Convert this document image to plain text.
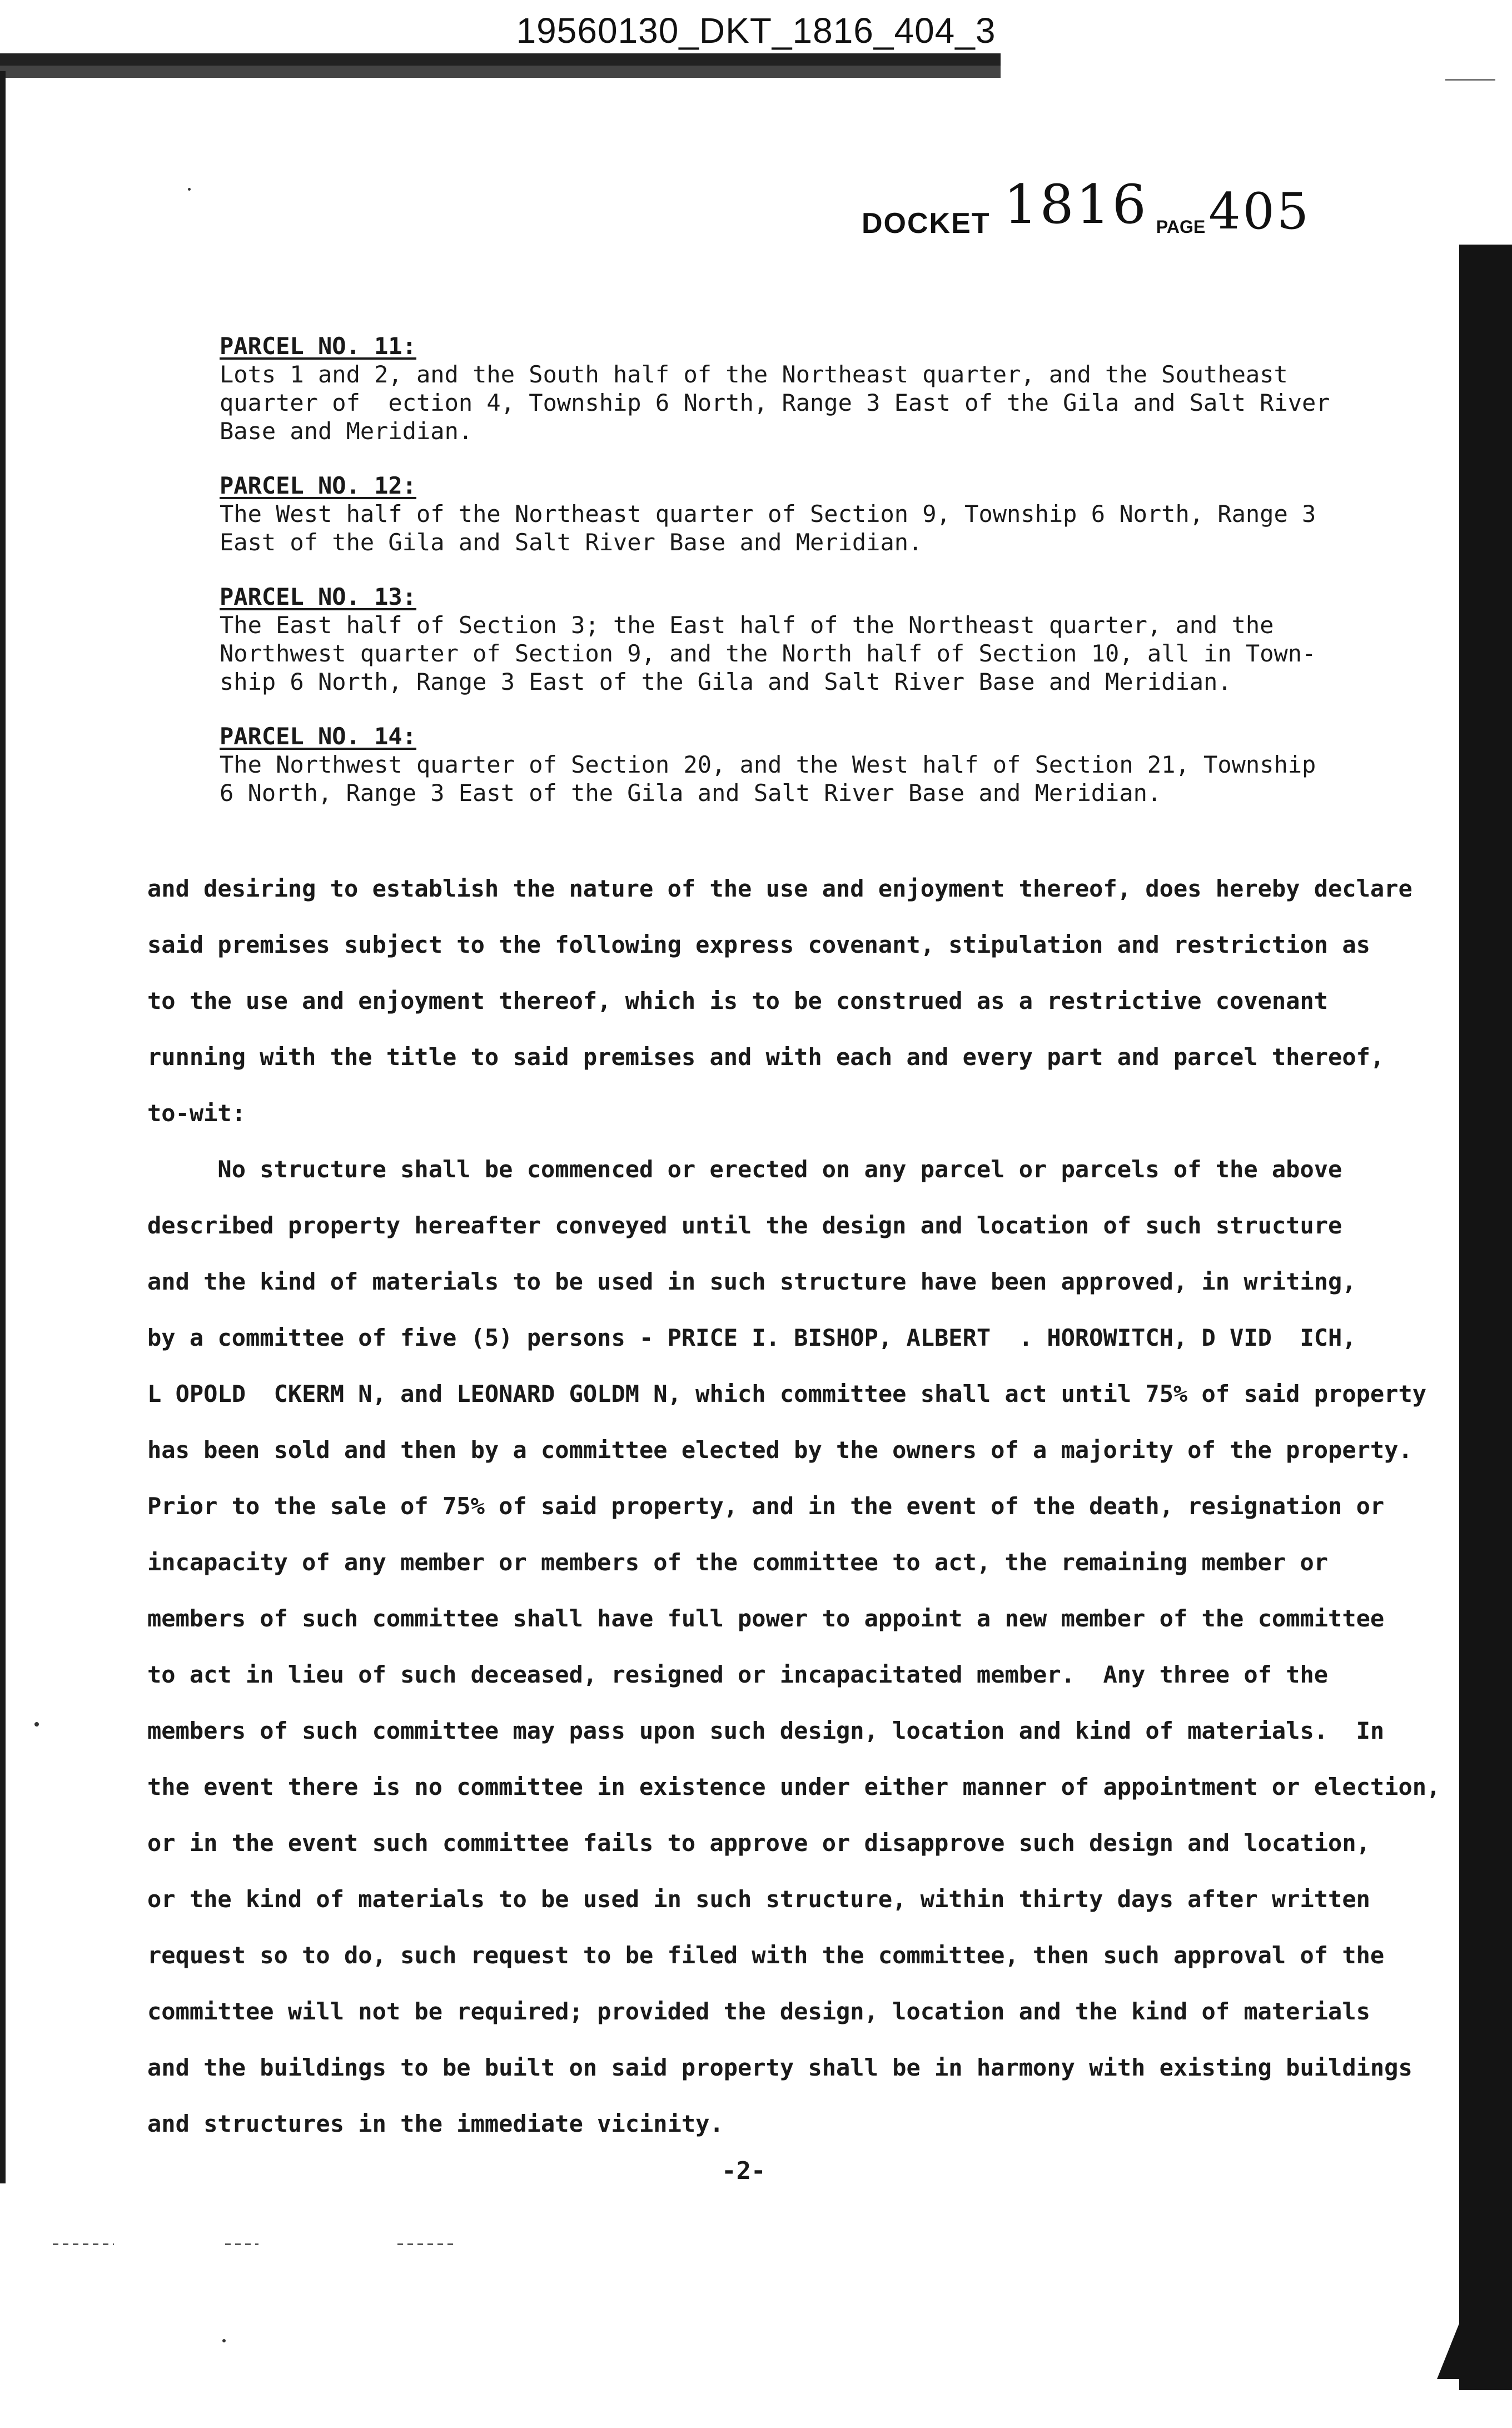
19560130_DKT_1816_404_3
DOCKET 1816 PAGE405
PARCEL NO. 11:
Lots 1 and 2, and the South half of the Northeast quarter, and the Southeast
quarter of  ection 4, Township 6 North, Range 3 East of the Gila and Salt River
Base and Meridian.
PARCEL NO. 12:
The West half of the Northeast quarter of Section 9, Township 6 North, Range 3
East of the Gila and Salt River Base and Meridian.
PARCEL NO. 13:
The East half of Section 3; the East half of the Northeast quarter, and the
Northwest quarter of Section 9, and the North half of Section 10, all in Town-
ship 6 North, Range 3 East of the Gila and Salt River Base and Meridian.
PARCEL NO. 14:
The Northwest quarter of Section 20, and the West half of Section 21, Township
6 North, Range 3 East of the Gila and Salt River Base and Meridian.
and desiring to establish the nature of the use and enjoyment thereof, does hereby declare
said premises subject to the following express covenant, stipulation and restriction as
to the use and enjoyment thereof, which is to be construed as a restrictive covenant
running with the title to said premises and with each and every part and parcel thereof,
to-wit:
No structure shall be commenced or erected on any parcel or parcels of the above
described property hereafter conveyed until the design and location of such structure
and the kind of materials to be used in such structure have been approved, in writing,
by a committee of five (5) persons - PRICE I. BISHOP, ALBERT  . HOROWITCH, D VID  ICH,
L OPOLD  CKERM N, and LEONARD GOLDM N, which committee shall act until 75% of said property
has been sold and then by a committee elected by the owners of a majority of the property.
Prior to the sale of 75% of said property, and in the event of the death, resignation or
incapacity of any member or members of the committee to act, the remaining member or
members of such committee shall have full power to appoint a new member of the committee
to act in lieu of such deceased, resigned or incapacitated member.  Any three of the
members of such committee may pass upon such design, location and kind of materials.  In
the event there is no committee in existence under either manner of appointment or election,
or in the event such committee fails to approve or disapprove such design and location,
or the kind of materials to be used in such structure, within thirty days after written
request so to do, such request to be filed with the committee, then such approval of the
committee will not be required; provided the design, location and the kind of materials
and the buildings to be built on said property shall be in harmony with existing buildings
and structures in the immediate vicinity.
-2-
